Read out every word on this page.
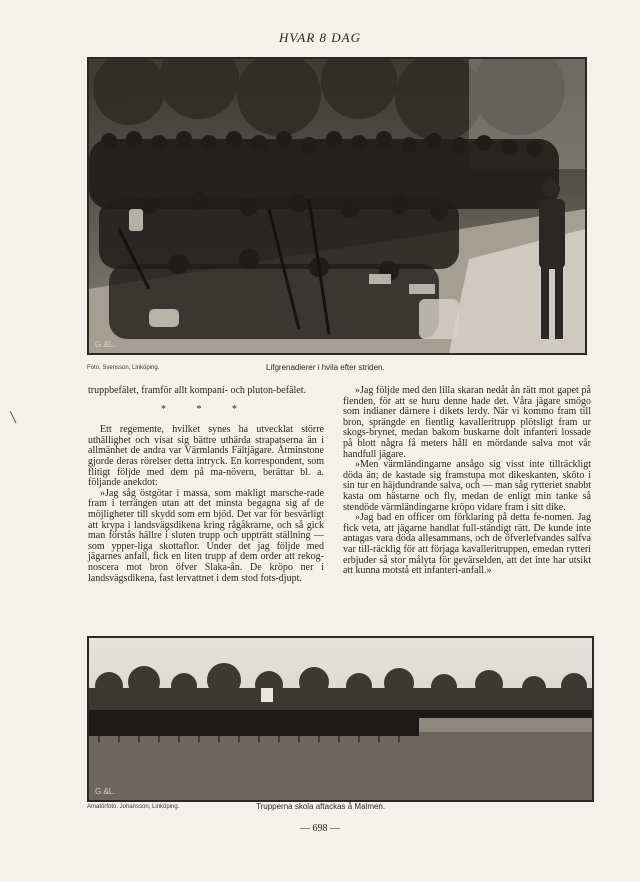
HVAR 8 DAG
G.&L.
Foto. Svensson, Linköping.	Lifgrenadierer i hvila efter striden.

truppbefälet, framför allt kompani- och pluton-befälet.

* * *

Ett regemente, hvilket synes ha utvecklat större uthällighet och visat sig bättre uthärda strapatserna än i allmänhet de andra var Värmlands Fältjägare. Åtminstone gjorde deras rörelser detta intryck. En korrespondent, som flitigt följde med dem på ma-növern, berättar bl. a. följande anekdot:

»Jag såg östgötar i massa, som makligt marsche-rade fram i terrängen utan att det minsta begagna sig af de möjligheter till skydd som ern bjöd. Det var för besvärligt att krypa i landsvägsdikena kring rågåkrarne, och så gick man förstås hällre i sluten trupp och uppträtt ställning — som ypper-liga skottaflor. Under det jag följde med jägarnes anfall, fick en liten trupp af dem order att rekog-noscera mot bron öfver Slaka-ån. De kröpo ner i landsvägsdikena, fast lervattnet i dem stod fots-djupt.

»Jag följde med den lilla skaran nedåt ån rätt mot gapet på fienden, för att se huru denne hade det. Våra jägare smögo som indianer därnere i dikets lerdy. När vi kommo fram till bron, sprängde en fientlig kavalleritrupp plötsligt fram ur skogs-brynet, medan bakom buskarne dolt infanteri lossade på blott några få meters håll en mördande salva mot vår handfull jägare.

»Men värmländingarne ansågo sig visst inte tillräckligt döda än; de kastade sig framstupa mot dikeskanten, sköto i sin tur en häjdundrande salva, och — man såg rytteriet snabbt kasta om hästarne och fly, medan de enligt min tanke så stendöde värmländingarne kröpo vidare fram i sitt dike.

»Jag bad en officer om förklaring på detta fe-nomen. Jag fick veta, att jägarne handlat full-ständigt rätt. De kunde inte antagas vara döda allesammans, och de öfverlefvandes salfva var till-räcklig för att förjaga kavalleritruppen, emedan rytteri erbjuder så stor målyta för gevärselden, att det inte har utsikt att kunna motstå ett infanteri-anfall.»

G.&L.
Amatörfoto. Johansson, Linköping.	Trupperna skola aftackas å Malmen.
— 698 —
